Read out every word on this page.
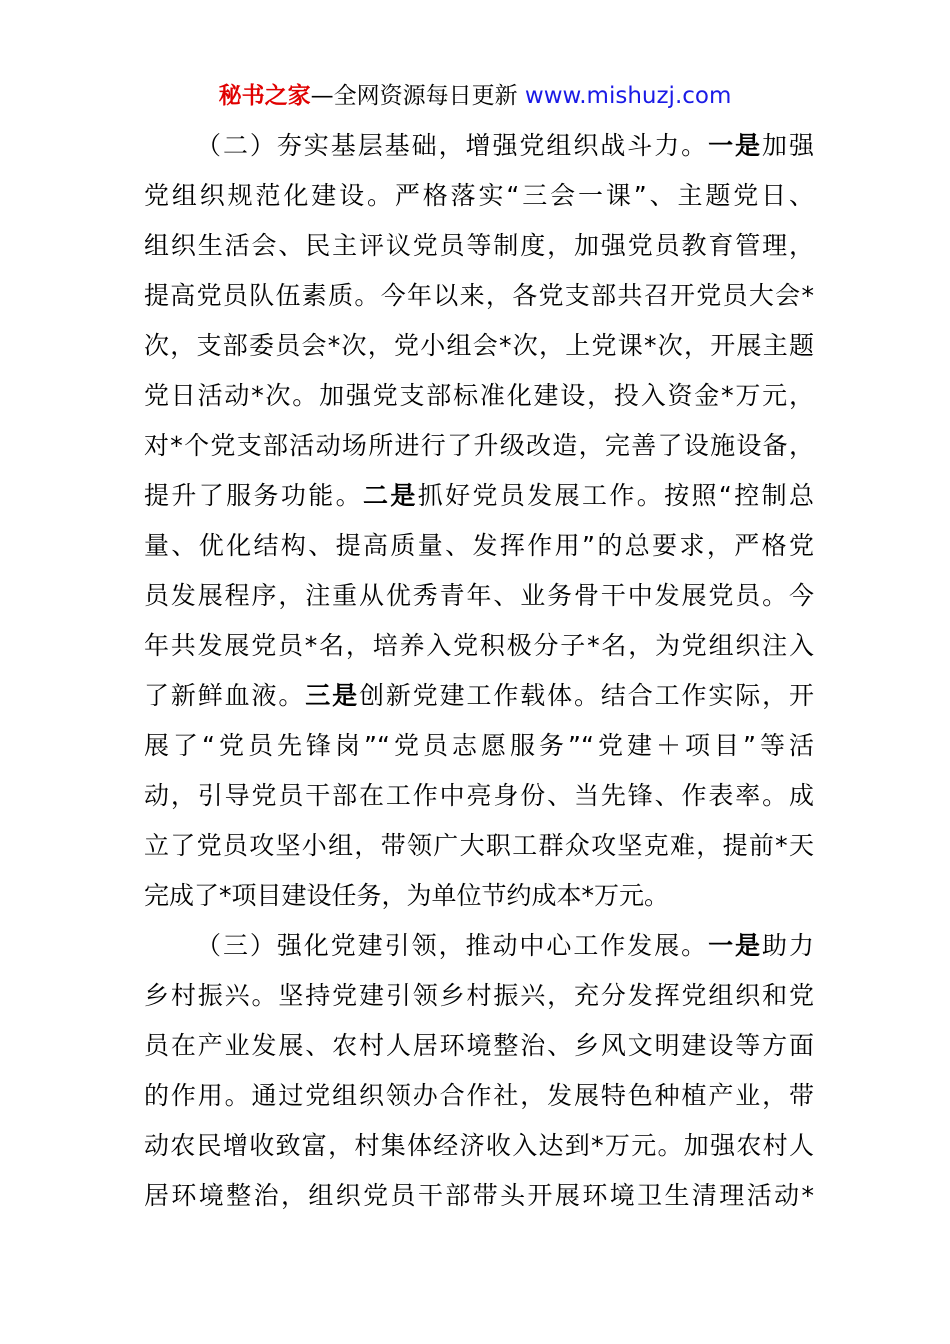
秘书之家—全网资源每日更新 www.mishuzj.com
（二）夯实基层基础，增强党组织战斗力。一是加强
党组织规范化建设。严格落实“三会一课”、主题党日、
组织生活会、民主评议党员等制度，加强党员教育管理，
提高党员队伍素质。今年以来，各党支部共召开党员大会*
次，支部委员会*次，党小组会*次，上党课*次，开展主题
党日活动*次。加强党支部标准化建设，投入资金*万元，
对*个党支部活动场所进行了升级改造，完善了设施设备，
提升了服务功能。二是抓好党员发展工作。按照“控制总
量、优化结构、提高质量、发挥作用”的总要求，严格党
员发展程序，注重从优秀青年、业务骨干中发展党员。今
年共发展党员*名，培养入党积极分子*名，为党组织注入
了新鲜血液。三是创新党建工作载体。结合工作实际，开
展了“党员先锋岗”“党员志愿服务”“党建＋项目”等活
动，引导党员干部在工作中亮身份、当先锋、作表率。成
立了党员攻坚小组，带领广大职工群众攻坚克难，提前*天
完成了*项目建设任务，为单位节约成本*万元。
（三）强化党建引领，推动中心工作发展。一是助力
乡村振兴。坚持党建引领乡村振兴，充分发挥党组织和党
员在产业发展、农村人居环境整治、乡风文明建设等方面
的作用。通过党组织领办合作社，发展特色种植产业，带
动农民增收致富，村集体经济收入达到*万元。加强农村人
居环境整治，组织党员干部带头开展环境卫生清理活动*
